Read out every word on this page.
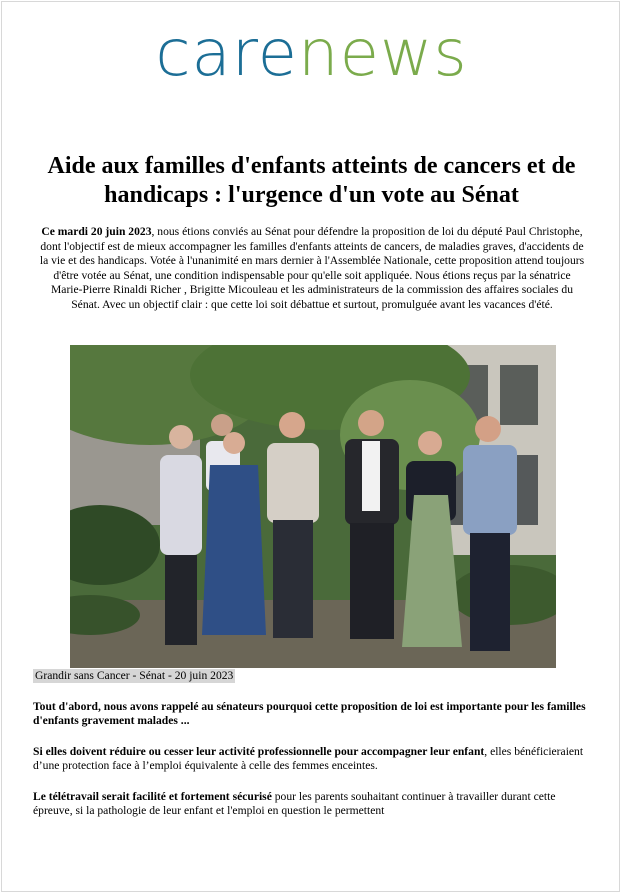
carenews
Aide aux familles d'enfants atteints de cancers et de handicaps : l'urgence d'un vote au Sénat

Ce mardi 20 juin 2023, nous étions conviés au Sénat pour défendre la proposition de loi du député Paul Christophe, dont l'objectif est de mieux accompagner les familles d'enfants atteints de cancers, de maladies graves, d'accidents de la vie et des handicaps. Votée à l'unanimité en mars dernier à l'Assemblée Nationale, cette proposition attend toujours d'être votée au Sénat, une condition indispensable pour qu'elle soit appliquée. Nous étions reçus par la sénatrice Marie-Pierre Rinaldi Richer , Brigitte Micouleau et les administrateurs de la commission des affaires sociales du Sénat. Avec un objectif clair : que cette loi soit débattue et surtout, promulguée avant les vacances d'été.

Grandir sans Cancer - Sénat - 20 juin 2023

Tout d'abord, nous avons rappelé au sénateurs pourquoi cette proposition de loi est importante pour les familles d'enfants gravement malades ...

Si elles doivent réduire ou cesser leur activité professionnelle pour accompagner leur enfant, elles bénéficieraient d’une protection face à l’emploi équivalente à celle des femmes enceintes.

Le télétravail serait facilité et fortement sécurisé pour les parents souhaitant continuer à travailler durant cette épreuve, si la pathologie de leur enfant et l'emploi en question le permettent
